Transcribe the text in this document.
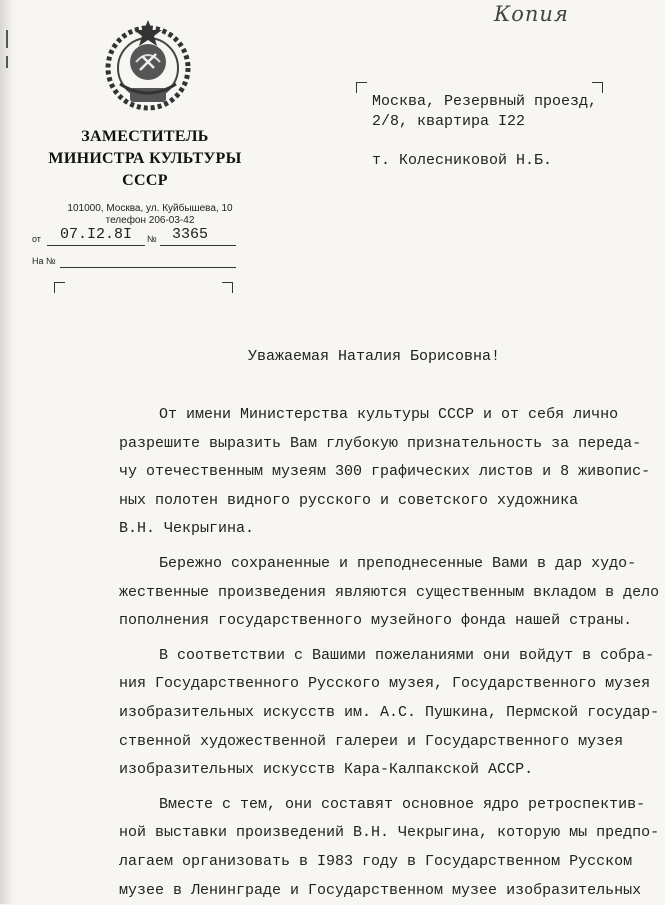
Копия
ЗАМЕСТИТЕЛЬ
МИНИСТРА КУЛЬТУРЫ
СССР
101000, Москва, ул. Куйбышева, 10
телефон 206-03-42
от 07.I2.8I № 3365
На №
Москва, Резервный проезд,
2/8, квартира I22
т. Колесниковой Н.Б.
Уважаемая Наталия Борисовна!
От имени Министерства культуры СССР и от себя лично
разрешите выразить Вам глубокую признательность за переда-
чу отечественным музеям 300 графических листов и 8 живопис-
ных полотен видного русского и советского художника
В.Н. Чекрыгина.
Бережно сохраненные и преподнесенные Вами в дар худо-
жественные произведения являются существенным вкладом в дело
пополнения государственного музейного фонда нашей страны.
В соответствии с Вашими пожеланиями они войдут в собра-
ния Государственного Русского музея, Государственного музея
изобразительных искусств им. А.С. Пушкина, Пермской государ-
ственной художественной галереи и Государственного музея
изобразительных искусств Кара-Калпакской АССР.
Вместе с тем, они составят основное ядро ретроспектив-
ной выставки произведений В.Н. Чекрыгина, которую мы предпо-
лагаем организовать в I983 году в Государственном Русском
музее в Ленинграде и Государственном музее изобразительных
